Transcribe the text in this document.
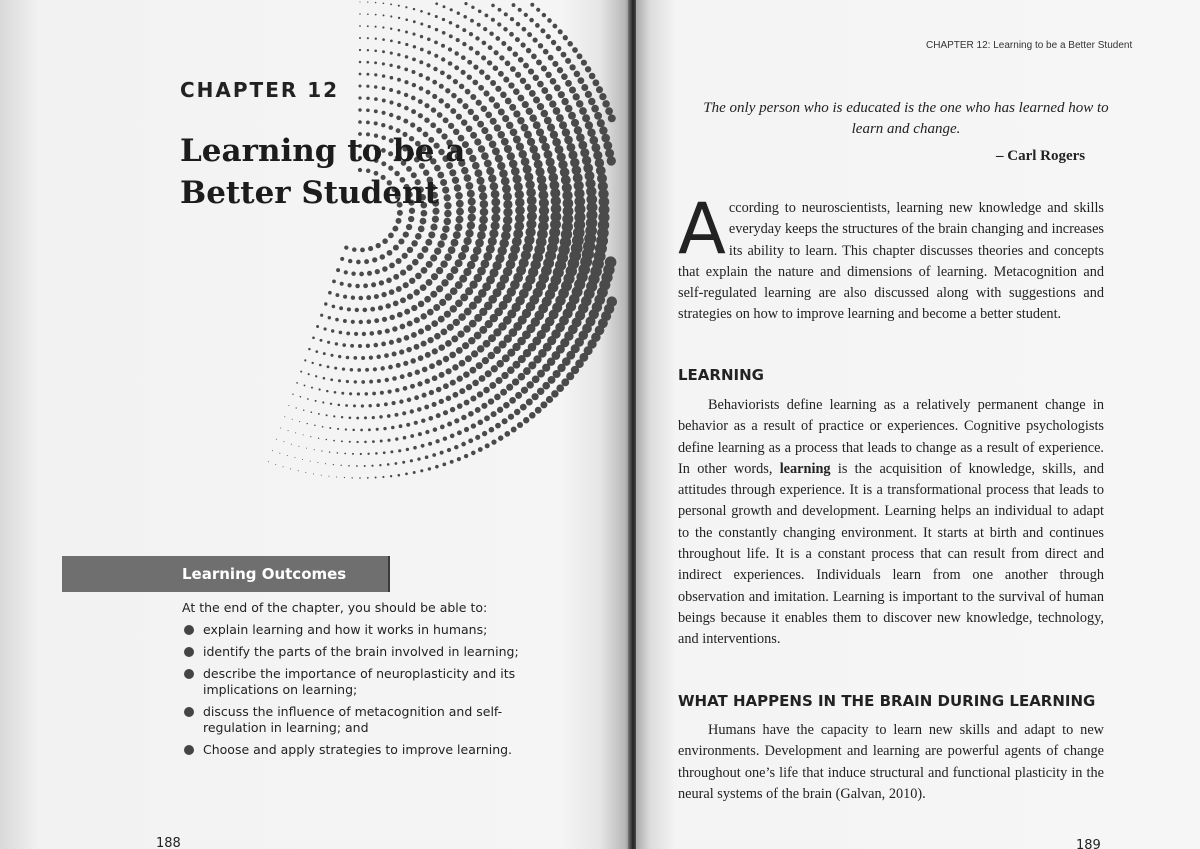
CHAPTER 12
Learning to be a Better Student
Learning Outcomes

At the end of the chapter, you should be able to:

explain learning and how it works in humans;
identify the parts of the brain involved in learning;
describe the importance of neuroplasticity and its implications on learning;
discuss the influence of metacognition and self-regulation in learning; and
Choose and apply strategies to improve learning.
188
CHAPTER 12: Learning to be a Better Student

The only person who is educated is the one who has learned how to learn and change.

– Carl Rogers

According to neuroscientists, learning new knowledge and skills everyday keeps the structures of the brain changing and increases its ability to learn. This chapter discusses theories and concepts that explain the nature and dimensions of learning. Metacognition and self-regulated learning are also discussed along with suggestions and strategies on how to improve learning and become a better student.

LEARNING

Behaviorists define learning as a relatively permanent change in behavior as a result of practice or experiences. Cognitive psychologists define learning as a process that leads to change as a result of experience. In other words, learning is the acquisition of knowledge, skills, and attitudes through experience. It is a transformational process that leads to personal growth and development. Learning helps an individual to adapt to the constantly changing environment. It starts at birth and continues throughout life. It is a constant process that can result from direct and indirect experiences. Individuals learn from one another through observation and imitation. Learning is important to the survival of human beings because it enables them to discover new knowledge, technology, and interventions.

WHAT HAPPENS IN THE BRAIN DURING LEARNING

Humans have the capacity to learn new skills and adapt to new environments. Development and learning are powerful agents of change throughout one’s life that induce structural and functional plasticity in the neural systems of the brain (Galvan, 2010).

189
